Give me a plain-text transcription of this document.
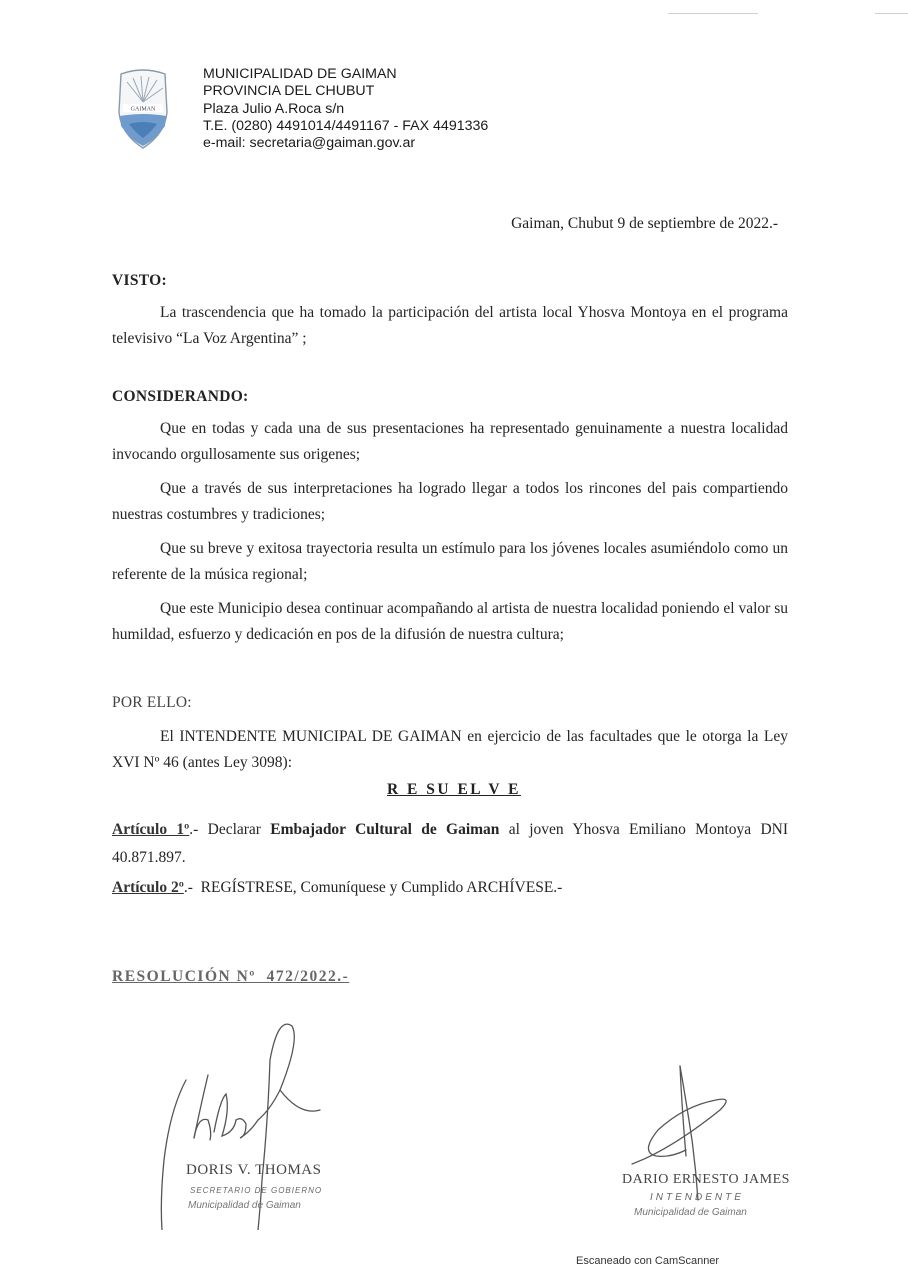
GAIMAN
MUNICIPALIDAD DE GAIMAN
PROVINCIA DEL CHUBUT
Plaza Julio A.Roca s/n
T.E. (0280) 4491014/4491167 - FAX 4491336
e-mail: secretaria@gaiman.gov.ar
Gaiman, Chubut 9 de septiembre de 2022.-
VISTO:

La trascendencia que ha tomado la participación del artista local Yhosva Montoya en el programa televisivo “La Voz Argentina” ;

CONSIDERANDO:

Que en todas y cada una de sus presentaciones ha representado genuinamente a nuestra localidad invocando orgullosamente sus origenes;

Que a través de sus interpretaciones ha logrado llegar a todos los rincones del pais compartiendo nuestras costumbres y tradiciones;

Que su breve y exitosa trayectoria resulta un estímulo para los jóvenes locales asumiéndolo como un referente de la música regional;

Que este Municipio desea continuar acompañando al artista de nuestra localidad poniendo el valor su humildad, esfuerzo y dedicación en pos de la difusión de nuestra cultura;

POR ELLO:

El INTENDENTE MUNICIPAL DE GAIMAN en ejercicio de las facultades que le otorga la Ley XVI Nº 46 (antes Ley 3098):

R E SU EL V E
Artículo 1º.- Declarar Embajador Cultural de Gaiman al joven Yhosva Emiliano Montoya DNI 40.871.897.
Artículo 2º.-  REGÍSTRESE, Comuníquese y Cumplido ARCHÍVESE.-
RESOLUCIÓN Nº  472/2022.-
DORIS V. THOMAS
SECRETARIO DE GOBIERNO
Municipalidad de Gaiman
DARIO ERNESTO JAMES
INTENDENTE
Municipalidad de Gaiman
Escaneado con CamScanner
